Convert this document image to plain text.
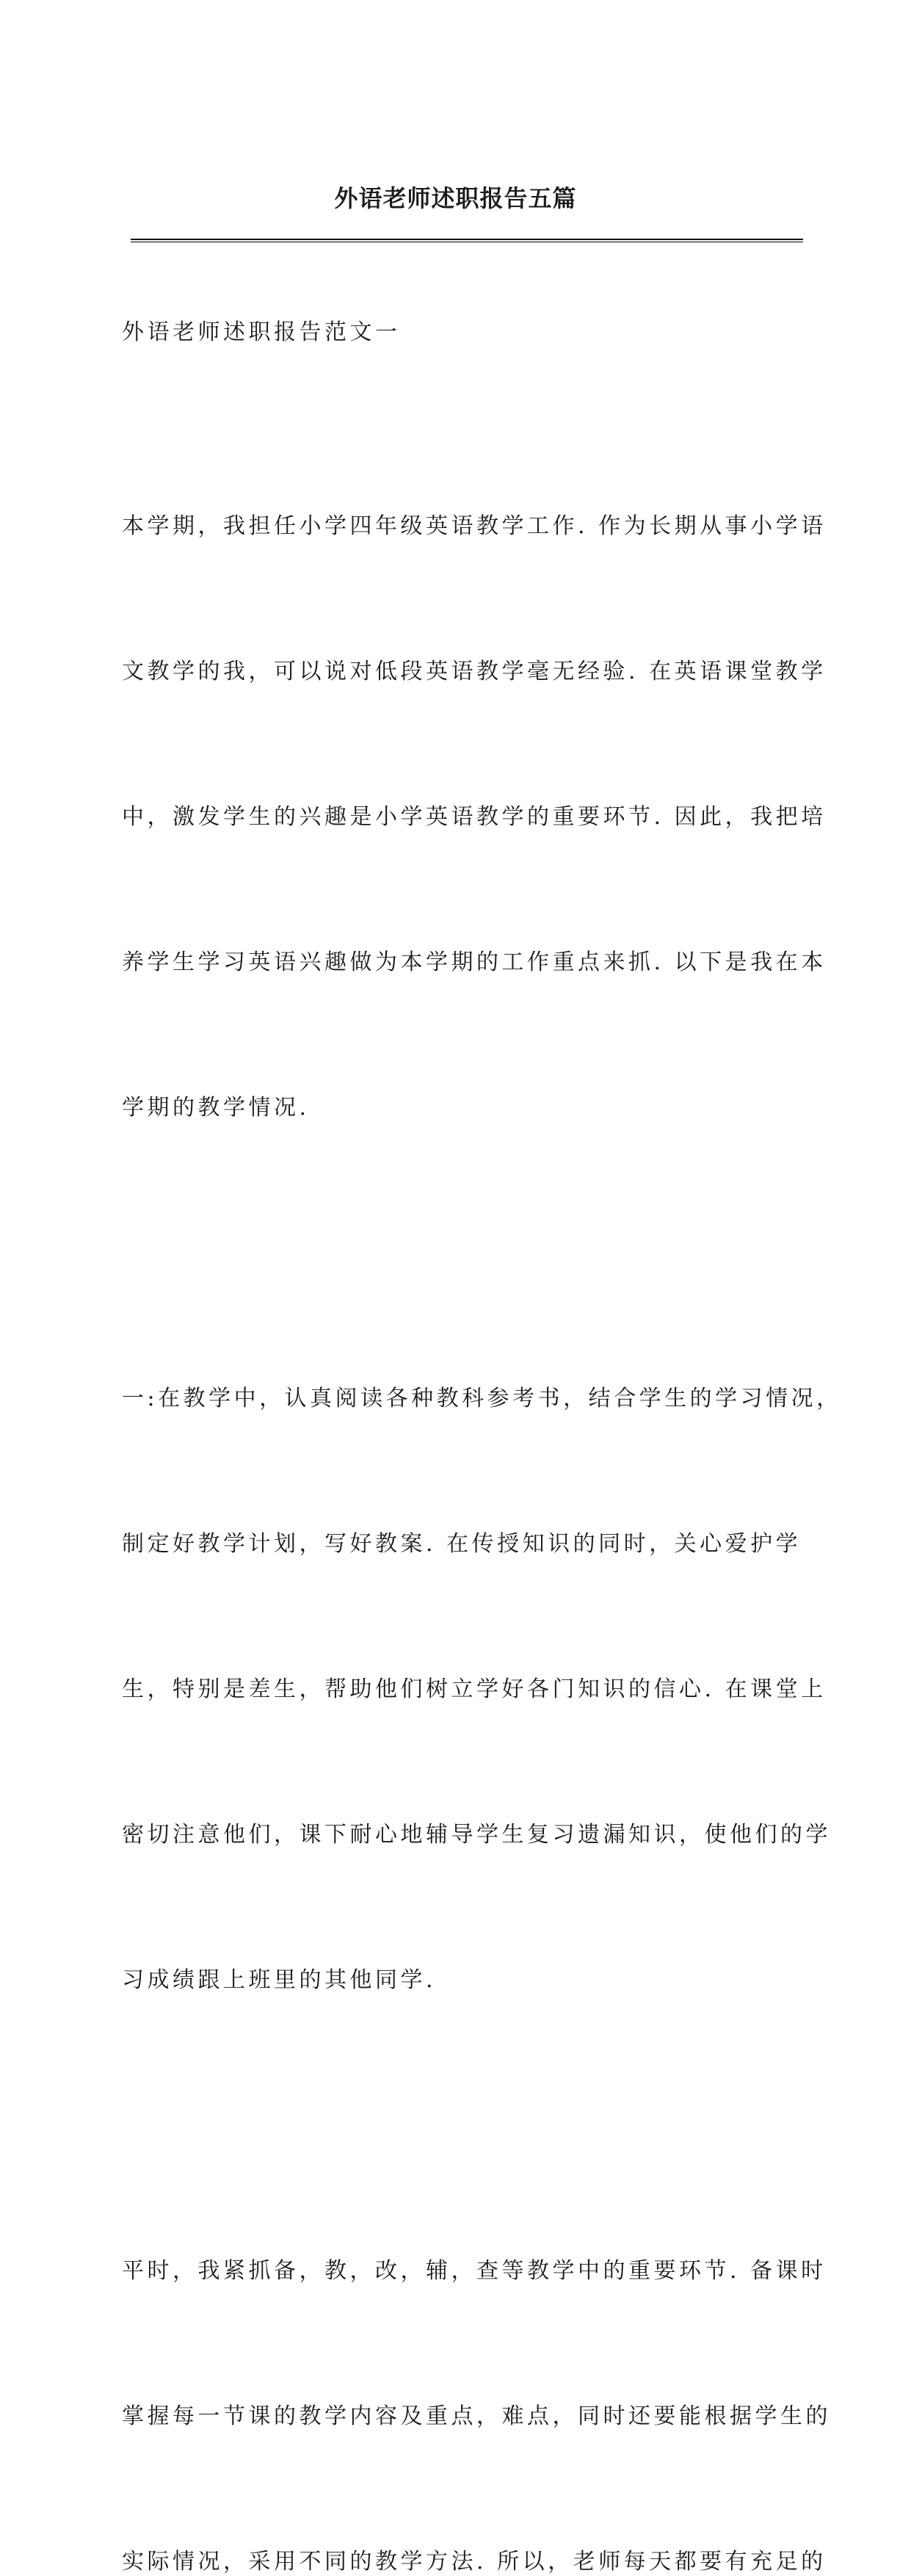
外语老师述职报告五篇

外语老师述职报告范文一

本学期，我担任小学四年级英语教学工作. 作为长期从事小学语

文教学的我，可以说对低段英语教学毫无经验. 在英语课堂教学

中，激发学生的兴趣是小学英语教学的重要环节. 因此，我把培

养学生学习英语兴趣做为本学期的工作重点来抓. 以下是我在本

学期的教学情况.

一:在教学中，认真阅读各种教科参考书，结合学生的学习情况，

制定好教学计划，写好教案. 在传授知识的同时，关心爱护学

生，特别是差生，帮助他们树立学好各门知识的信心. 在课堂上

密切注意他们，课下耐心地辅导学生复习遗漏知识，使他们的学

习成绩跟上班里的其他同学.

平时，我紧抓备，教，改，辅，查等教学中的重要环节. 备课时

掌握每一节课的教学内容及重点，难点，同时还要能根据学生的

实际情况，采用不同的教学方法. 所以，老师每天都要有充足的
